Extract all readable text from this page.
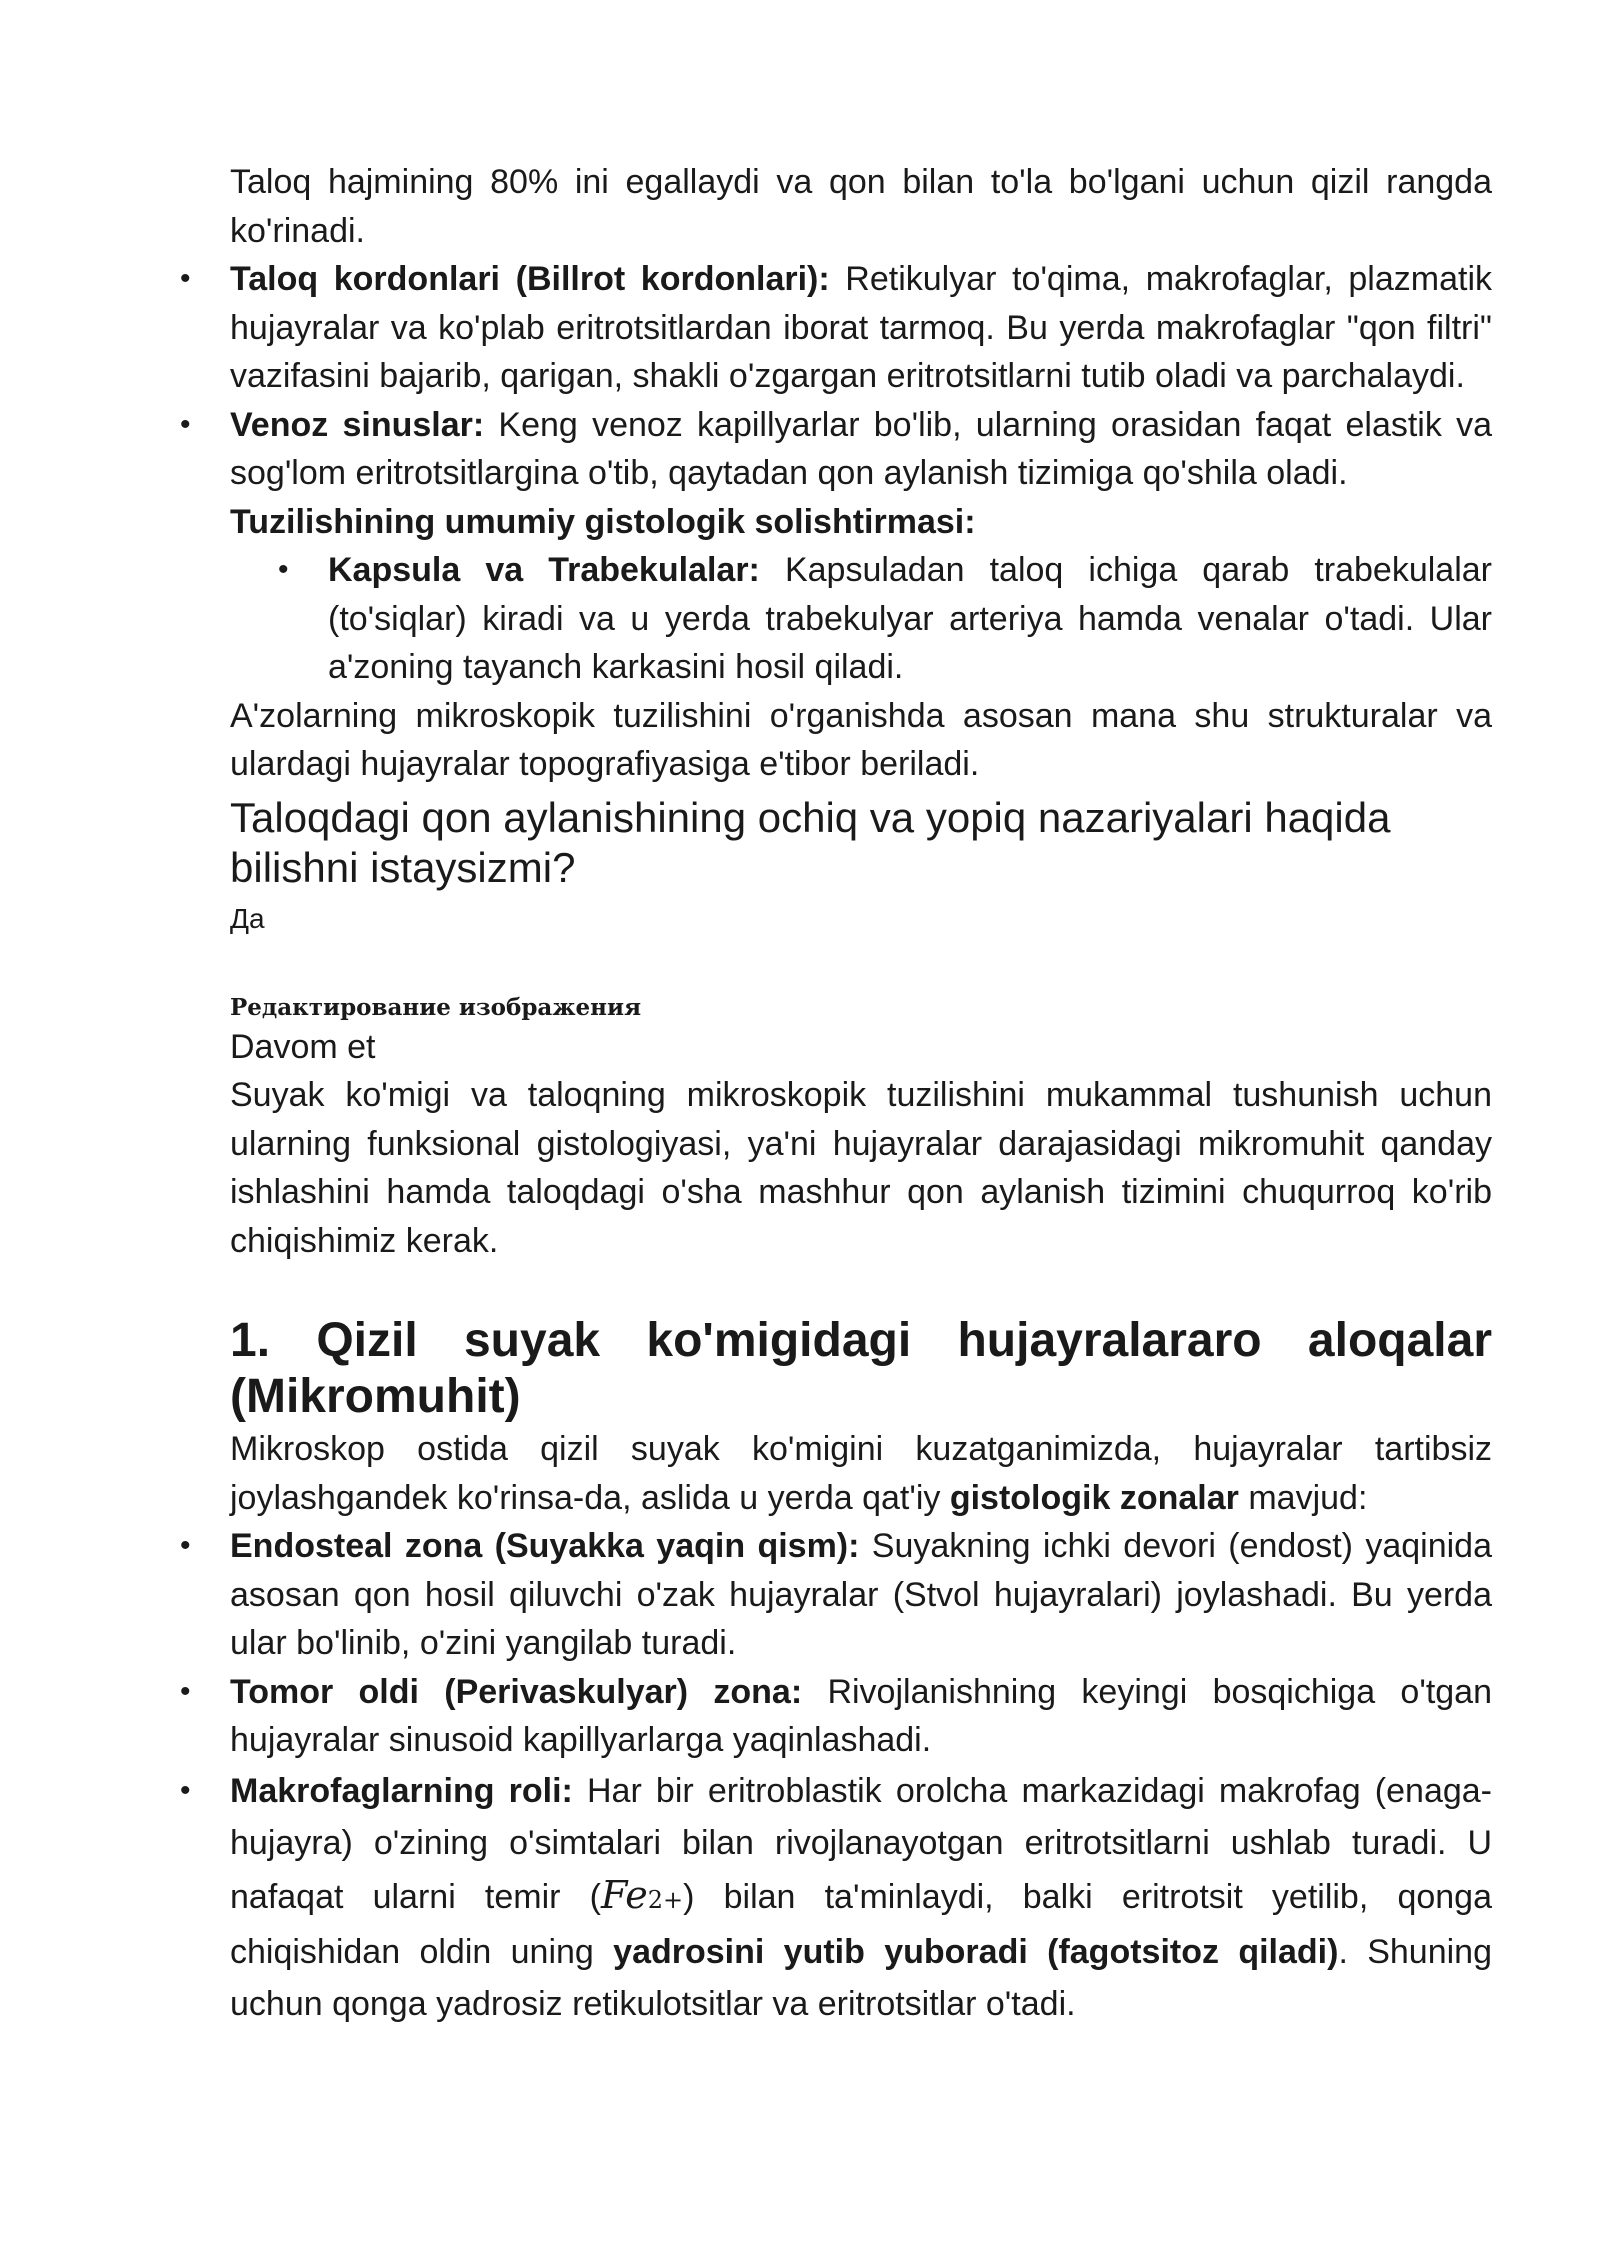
Taloq hajmining 80% ini egallaydi va qon bilan to'la bo'lgani uchun qizil rangda ko'rinadi.

• Taloq kordonlari (Billrot kordonlari): Retikulyar to'qima, makrofaglar, plazmatik hujayralar va ko'plab eritrotsitlardan iborat tarmoq. Bu yerda makrofaglar "qon filtri" vazifasini bajarib, qarigan, shakli o'zgargan eritrotsitlarni tutib oladi va parchalaydi.
• Venoz sinuslar: Keng venoz kapillyarlar bo'lib, ularning orasidan faqat elastik va sog'lom eritrotsitlargina o'tib, qaytadan qon aylanish tizimiga qo'shila oladi.

Tuzilishining umumiy gistologik solishtirmasi:

• Kapsula va Trabekulalar: Kapsuladan taloq ichiga qarab trabekulalar (to'siqlar) kiradi va u yerda trabekulyar arteriya hamda venalar o'tadi. Ular a'zoning tayanch karkasini hosil qiladi.

A'zolarning mikroskopik tuzilishini o'rganishda asosan mana shu strukturalar va ulardagi hujayralar topografiyasiga e'tibor beriladi.

Taloqdagi qon aylanishining ochiq va yopiq nazariyalari haqida bilishni istaysizmi?

Да

Редактирование изображения

Davom et

Suyak ko'migi va taloqning mikroskopik tuzilishini mukammal tushunish uchun ularning funksional gistologiyasi, ya'ni hujayralar darajasidagi mikromuhit qanday ishlashini hamda taloqdagi o'sha mashhur qon aylanish tizimini chuqurroq ko'rib chiqishimiz kerak.

1. Qizil suyak ko'migidagi hujayralararo aloqalar (Mikromuhit)

Mikroskop ostida qizil suyak ko'migini kuzatganimizda, hujayralar tartibsiz joylashgandek ko'rinsa-da, aslida u yerda qat'iy gistologik zonalar mavjud:

• Endosteal zona (Suyakka yaqin qism): Suyakning ichki devori (endost) yaqinida asosan qon hosil qiluvchi o'zak hujayralar (Stvol hujayralari) joylashadi. Bu yerda ular bo'linib, o'zini yangilab turadi.
• Tomor oldi (Perivaskulyar) zona: Rivojlanishning keyingi bosqichiga o'tgan hujayralar sinusoid kapillyarlarga yaqinlashadi.
• Makrofaglarning roli: Har bir eritroblastik orolcha markazidagi makrofag (enaga-hujayra) o'zining o'simtalari bilan rivojlanayotgan eritrotsitlarni ushlab turadi. U nafaqat ularni temir (Fe2+) bilan ta'minlaydi, balki eritrotsit yetilib, qonga chiqishidan oldin uning yadrosini yutib yuboradi (fagotsitoz qiladi). Shuning uchun qonga yadrosiz retikulotsitlar va eritrotsitlar o'tadi.
